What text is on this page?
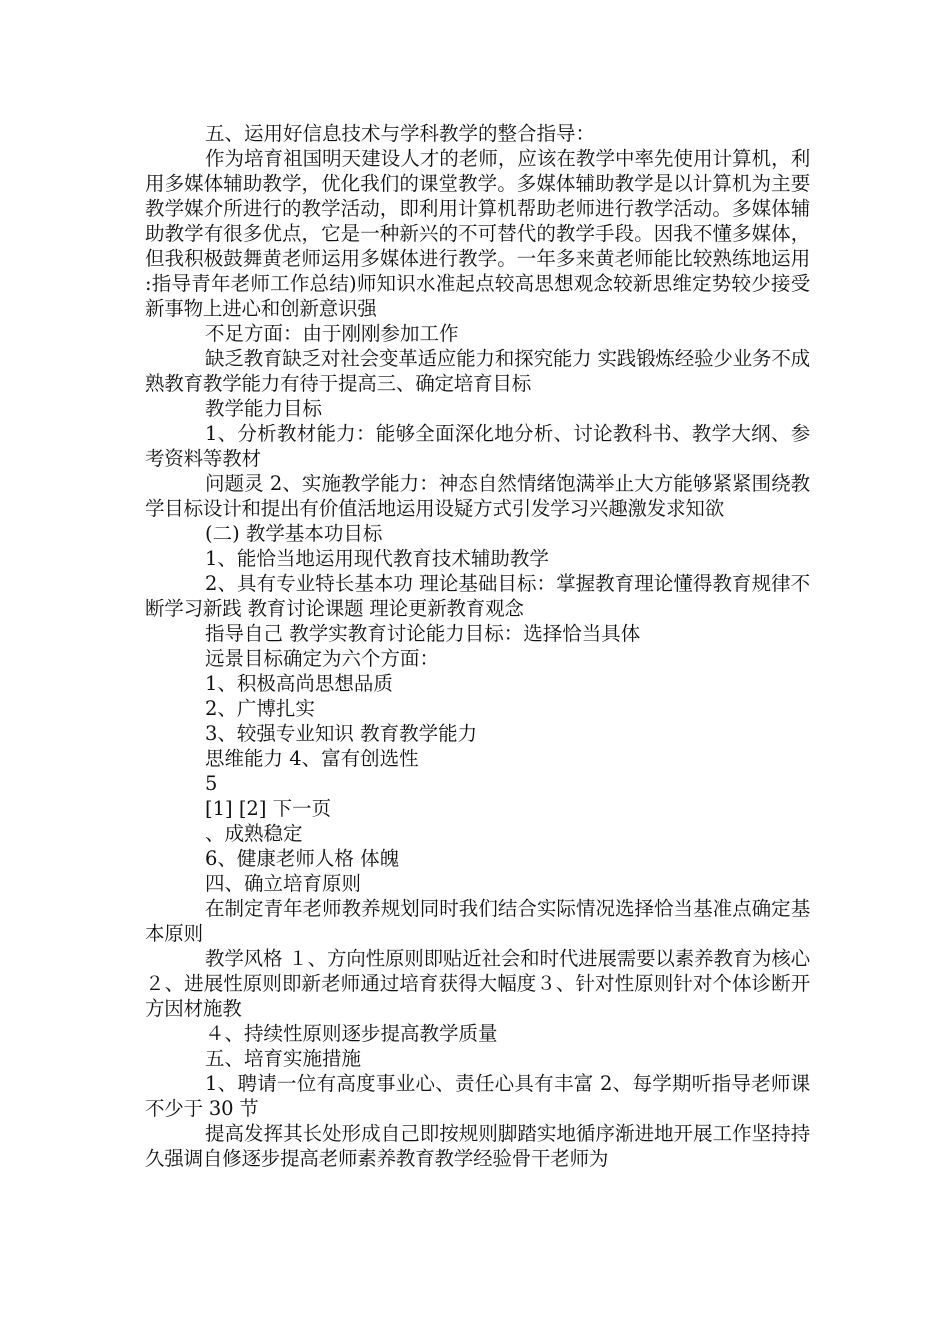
五、运用好信息技术与学科教学的整合指导：

作为培育祖国明天建设人才的老师，应该在教学中率先使用计算机，利用多媒体辅助教学，优化我们的课堂教学。多媒体辅助教学是以计算机为主要教学媒介所进行的教学活动，即利用计算机帮助老师进行教学活动。多媒体辅助教学有很多优点，它是一种新兴的不可替代的教学手段。因我不懂多媒体，但我积极鼓舞黄老师运用多媒体进行教学。一年多来黄老师能比较熟练地运用 :指导青年老师工作总结)师知识水准起点较高思想观念较新思维定势较少接受新事物上进心和创新意识强

不足方面：由于刚刚参加工作

缺乏教育缺乏对社会变革适应能力和探究能力 实践锻炼经验少业务不成熟教育教学能力有待于提高三、确定培育目标

教学能力目标

1、分析教材能力：能够全面深化地分析、讨论教科书、教学大纲、参考资料等教材

问题灵 2、实施教学能力：神态自然情绪饱满举止大方能够紧紧围绕教学目标设计和提出有价值活地运用设疑方式引发学习兴趣激发求知欲

(二) 教学基本功目标

1、能恰当地运用现代教育技术辅助教学

2、具有专业特长基本功 理论基础目标：掌握教育理论懂得教育规律不断学习新践 教育讨论课题 理论更新教育观念

指导自己 教学实教育讨论能力目标：选择恰当具体

远景目标确定为六个方面：

1、积极高尚思想品质

2、广博扎实

3、较强专业知识 教育教学能力

思维能力 4、富有创选性

5

[1] [2] 下一页

、成熟稳定

6、健康老师人格 体魄

四、确立培育原则

在制定青年老师教养规划同时我们结合实际情况选择恰当基准点确定基本原则

教学风格 １、方向性原则即贴近社会和时代进展需要以素养教育为核心２、进展性原则即新老师通过培育获得大幅度３、针对性原则针对个体诊断开方因材施教

４、持续性原则逐步提高教学质量

五、培育实施措施

1、聘请一位有高度事业心、责任心具有丰富 2、每学期听指导老师课不少于 30 节

提高发挥其长处形成自己即按规则脚踏实地循序渐进地开展工作坚持持久强调自修逐步提高老师素养教育教学经验骨干老师为
